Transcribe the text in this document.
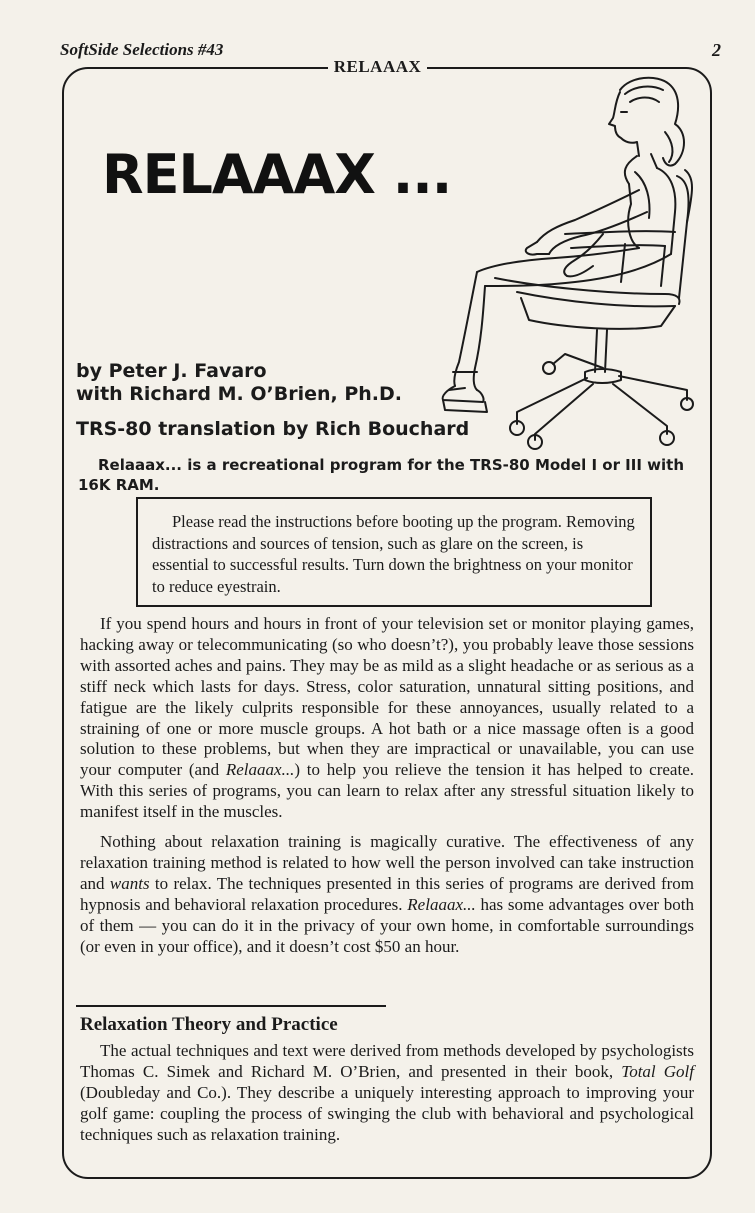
SoftSide Selections #43	2
RELAAAX
RELAAAX ...
by Peter J. Favaro
with Richard M. O’Brien, Ph.D.
TRS-80 translation by Rich Bouchard
Relaaax... is a recreational program for the TRS-80 Model I or III with 16K RAM.
Please read the instructions before booting up the program. Removing distractions and sources of tension, such as glare on the screen, is essential to successful results. Turn down the brightness on your monitor to reduce eyestrain.

If you spend hours and hours in front of your television set or monitor playing games, hacking away or telecommunicating (so who doesn’t?), you probably leave those sessions with assorted aches and pains. They may be as mild as a slight headache or as serious as a stiff neck which lasts for days. Stress, color saturation, unnatural sitting positions, and fatigue are the likely culprits responsible for these annoyances, usually related to a straining of one or more muscle groups. A hot bath or a nice massage often is a good solution to these problems, but when they are impractical or unavailable, you can use your computer (and Relaaax...) to help you relieve the tension it has helped to create. With this series of programs, you can learn to relax after any stressful situation likely to manifest itself in the muscles.

Nothing about relaxation training is magically curative. The effectiveness of any relaxation training method is related to how well the person involved can take instruction and wants to relax. The techniques presented in this series of programs are derived from hypnosis and behavioral relaxation procedures. Relaaax... has some advantages over both of them — you can do it in the privacy of your own home, in comfortable surroundings (or even in your office), and it doesn’t cost $50 an hour.

Relaxation Theory and Practice

The actual techniques and text were derived from methods developed by psychologists Thomas C. Simek and Richard M. O’Brien, and presented in their book, Total Golf (Doubleday and Co.). They describe a uniquely interesting approach to improving your golf game: coupling the process of swinging the club with behavioral and psychological techniques such as relaxation training.
